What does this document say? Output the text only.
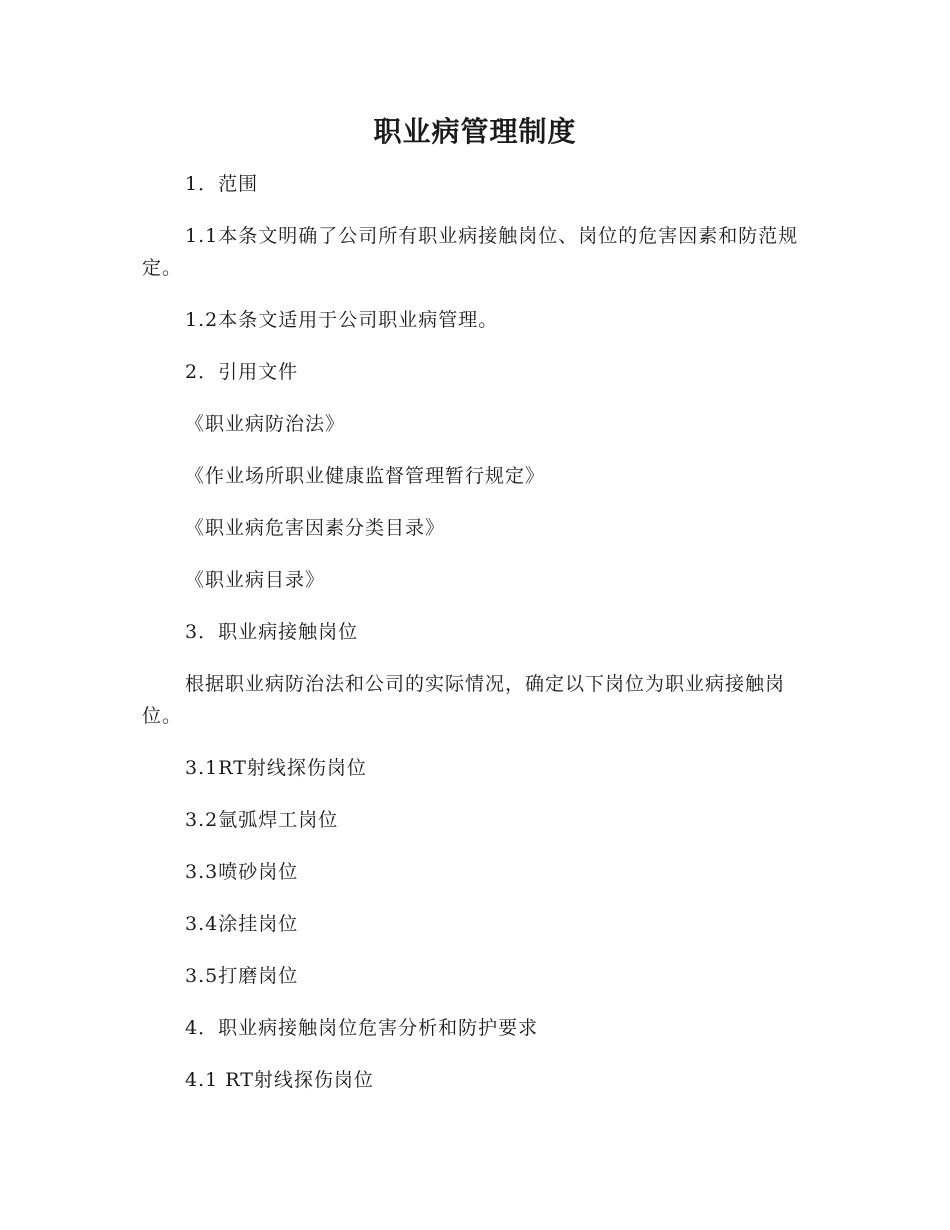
职业病管理制度

1．范围

1.1本条文明确了公司所有职业病接触岗位、岗位的危害因素和防范规定。

1.2本条文适用于公司职业病管理。

2．引用文件

《职业病防治法》

《作业场所职业健康监督管理暂行规定》

《职业病危害因素分类目录》

《职业病目录》

3．职业病接触岗位

根据职业病防治法和公司的实际情况，确定以下岗位为职业病接触岗位。

3.1RT射线探伤岗位

3.2氩弧焊工岗位

3.3喷砂岗位

3.4涂挂岗位

3.5打磨岗位

4．职业病接触岗位危害分析和防护要求

4.1 RT射线探伤岗位
